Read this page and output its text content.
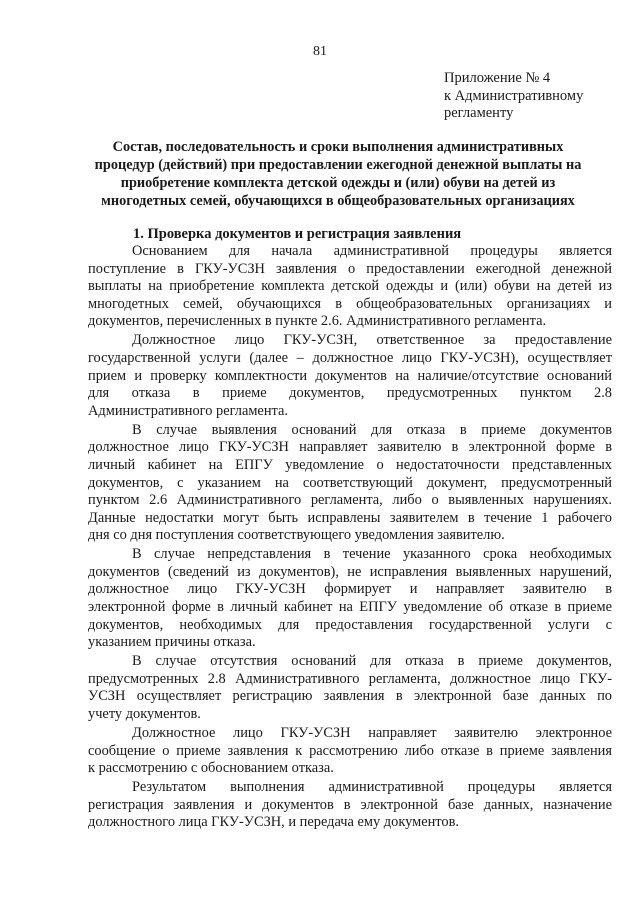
81
Приложение № 4
к Административному
регламенту
Состав, последовательность и сроки выполнения административных
процедур (действий) при предоставлении ежегодной денежной выплаты на
приобретение комплекта детской одежды и (или) обуви на детей из
многодетных семей, обучающихся в общеобразовательных организациях
1. Проверка документов и регистрация заявления
Основанием для начала административной процедуры является
поступление в ГКУ-УСЗН заявления о предоставлении ежегодной денежной
выплаты на приобретение комплекта детской одежды и (или) обуви на детей из
многодетных семей, обучающихся в общеобразовательных организациях и
документов, перечисленных в пункте 2.6. Административного регламента.
Должностное лицо ГКУ-УСЗН, ответственное за предоставление
государственной услуги (далее – должностное лицо ГКУ-УСЗН), осуществляет
прием и проверку комплектности документов на наличие/отсутствие оснований
для отказа в приеме документов, предусмотренных пунктом 2.8
Административного регламента.
В случае выявления оснований для отказа в приеме документов
должностное лицо ГКУ-УСЗН направляет заявителю в электронной форме в
личный кабинет на ЕПГУ уведомление о недостаточности представленных
документов, с указанием на соответствующий документ, предусмотренный
пунктом 2.6 Административного регламента, либо о выявленных нарушениях.
Данные недостатки могут быть исправлены заявителем в течение 1 рабочего
дня со дня поступления соответствующего уведомления заявителю.
В случае непредставления в течение указанного срока необходимых
документов (сведений из документов), не исправления выявленных нарушений,
должностное лицо ГКУ-УСЗН формирует и направляет заявителю в
электронной форме в личный кабинет на ЕПГУ уведомление об отказе в приеме
документов, необходимых для предоставления государственной услуги с
указанием причины отказа.
В случае отсутствия оснований для отказа в приеме документов,
предусмотренных 2.8 Административного регламента, должностное лицо ГКУ-
УСЗН осуществляет регистрацию заявления в электронной базе данных по
учету документов.
Должностное лицо ГКУ-УСЗН направляет заявителю электронное
сообщение о приеме заявления к рассмотрению либо отказе в приеме заявления
к рассмотрению с обоснованием отказа.
Результатом выполнения административной процедуры является
регистрация заявления и документов в электронной базе данных, назначение
должностного лица ГКУ-УСЗН, и передача ему документов.
